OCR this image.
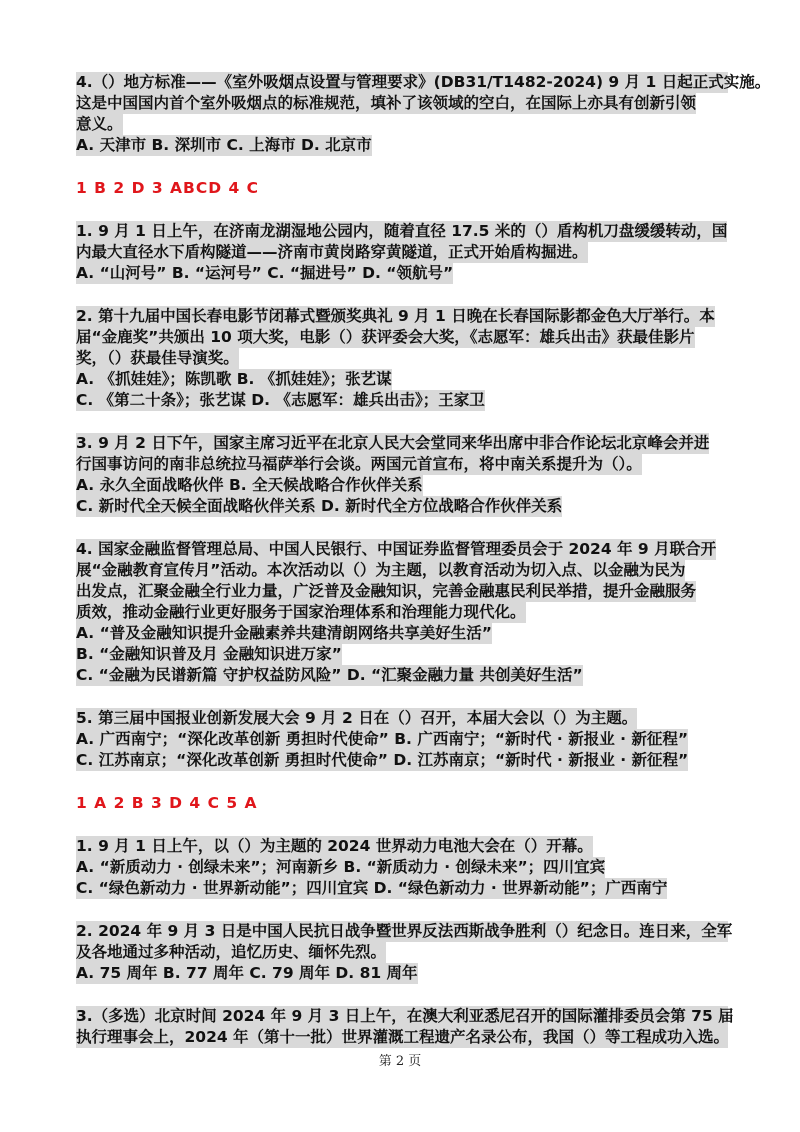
4.（）地方标准——《室外吸烟点设置与管理要求》(DB31/T1482-2024) 9 月 1 日起正式实施。
这是中国国内首个室外吸烟点的标准规范，填补了该领域的空白，在国际上亦具有创新引领
意义。
A. 天津市 B. 深圳市 C. 上海市 D. 北京市
1 B 2 D 3 ABCD 4 C
1. 9 月 1 日上午，在济南龙湖湿地公园内，随着直径 17.5 米的（）盾构机刀盘缓缓转动，国
内最大直径水下盾构隧道——济南市黄岗路穿黄隧道，正式开始盾构掘进。
A. “山河号” B. “运河号” C. “掘进号” D. “领航号”
2. 第十九届中国长春电影节闭幕式暨颁奖典礼 9 月 1 日晚在长春国际影都金色大厅举行。本
届“金鹿奖”共颁出 10 项大奖，电影（）获评委会大奖，《志愿军：雄兵出击》获最佳影片
奖，（）获最佳导演奖。
A. 《抓娃娃》；陈凯歌 B. 《抓娃娃》；张艺谋
C. 《第二十条》；张艺谋 D. 《志愿军：雄兵出击》；王家卫
3. 9 月 2 日下午，国家主席习近平在北京人民大会堂同来华出席中非合作论坛北京峰会并进
行国事访问的南非总统拉马福萨举行会谈。两国元首宣布，将中南关系提升为（）。
A. 永久全面战略伙伴 B. 全天候战略合作伙伴关系
C. 新时代全天候全面战略伙伴关系 D. 新时代全方位战略合作伙伴关系
4. 国家金融监督管理总局、中国人民银行、中国证券监督管理委员会于 2024 年 9 月联合开
展“金融教育宣传月”活动。本次活动以（）为主题，以教育活动为切入点、以金融为民为
出发点，汇聚金融全行业力量，广泛普及金融知识，完善金融惠民利民举措，提升金融服务
质效，推动金融行业更好服务于国家治理体系和治理能力现代化。
A. “普及金融知识提升金融素养共建清朗网络共享美好生活”
B. “金融知识普及月 金融知识进万家”
C. “金融为民谱新篇 守护权益防风险” D. “汇聚金融力量 共创美好生活”
5. 第三届中国报业创新发展大会 9 月 2 日在（）召开，本届大会以（）为主题。
A. 广西南宁；“深化改革创新 勇担时代使命” B. 广西南宁；“新时代 · 新报业 · 新征程”
C. 江苏南京；“深化改革创新 勇担时代使命” D. 江苏南京；“新时代 · 新报业 · 新征程”
1 A 2 B 3 D 4 C 5 A
1. 9 月 1 日上午，以（）为主题的 2024 世界动力电池大会在（）开幕。
A. “新质动力 · 创绿未来”；河南新乡 B. “新质动力 · 创绿未来”；四川宜宾
C. “绿色新动力 · 世界新动能”；四川宜宾 D. “绿色新动力 · 世界新动能”；广西南宁
2. 2024 年 9 月 3 日是中国人民抗日战争暨世界反法西斯战争胜利（）纪念日。连日来，全军
及各地通过多种活动，追忆历史、缅怀先烈。
A. 75 周年 B. 77 周年 C. 79 周年 D. 81 周年
3.（多选）北京时间 2024 年 9 月 3 日上午，在澳大利亚悉尼召开的国际灌排委员会第 75 届
执行理事会上，2024 年（第十一批）世界灌溉工程遗产名录公布，我国（）等工程成功入选。
第 2 页
